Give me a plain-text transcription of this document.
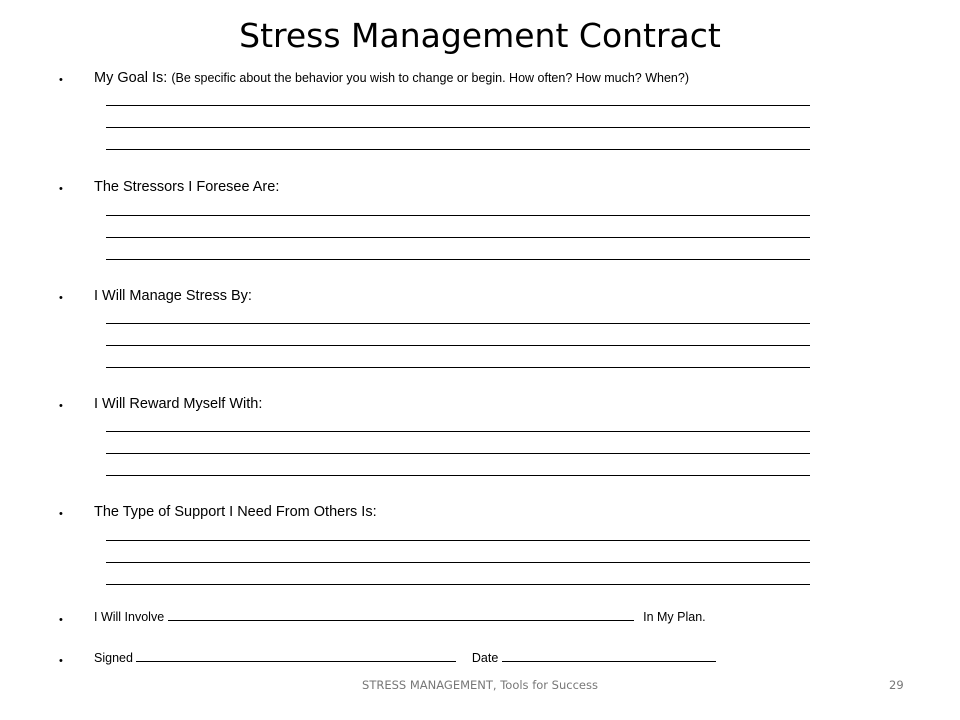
Stress Management Contract
• My Goal Is: (Be specific about the behavior you wish to change or begin. How often? How much? When?)
• The Stressors I Foresee Are:
• I Will Manage Stress By:
• I Will Reward Myself With:
• The Type of Support I Need From Others Is:
• I Will Involve	In My Plan.
• Signed	Date
STRESS MANAGEMENT, Tools for Success	29
